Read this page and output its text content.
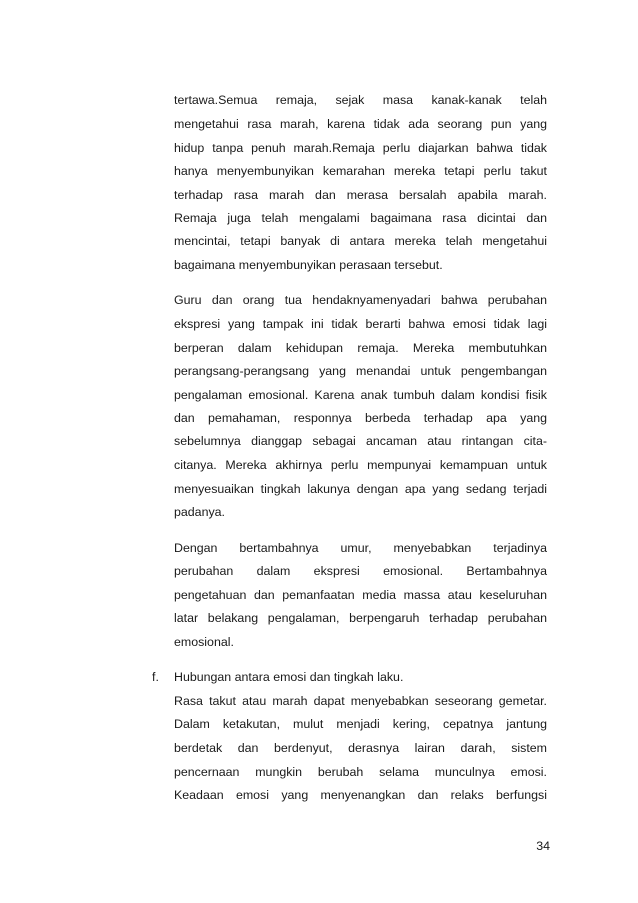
tertawa.Semua remaja, sejak masa kanak-kanak telah
mengetahui rasa marah, karena tidak ada seorang pun yang
hidup tanpa penuh marah.Remaja perlu diajarkan bahwa tidak
hanya menyembunyikan kemarahan mereka tetapi perlu takut
terhadap rasa marah dan merasa bersalah apabila marah.
Remaja juga telah mengalami bagaimana rasa dicintai dan
mencintai, tetapi banyak di antara mereka telah mengetahui
bagaimana menyembunyikan perasaan tersebut.
Guru dan orang tua hendaknyamenyadari bahwa perubahan
ekspresi yang tampak ini tidak berarti bahwa emosi tidak lagi
berperan dalam kehidupan remaja. Mereka membutuhkan
perangsang-perangsang yang menandai untuk pengembangan
pengalaman emosional. Karena anak tumbuh dalam kondisi fisik
dan pemahaman, responnya berbeda terhadap apa yang
sebelumnya dianggap sebagai ancaman atau rintangan cita-
citanya. Mereka akhirnya perlu mempunyai kemampuan untuk
menyesuaikan tingkah lakunya dengan apa yang sedang terjadi
padanya.
Dengan bertambahnya umur, menyebabkan terjadinya
perubahan dalam ekspresi emosional. Bertambahnya
pengetahuan dan pemanfaatan media massa atau keseluruhan
latar belakang pengalaman, berpengaruh terhadap perubahan
emosional.
f. Hubungan antara emosi dan tingkah laku.
Rasa takut atau marah dapat menyebabkan seseorang gemetar.
Dalam ketakutan, mulut menjadi kering, cepatnya jantung
berdetak dan berdenyut, derasnya lairan darah, sistem
pencernaan mungkin berubah selama munculnya emosi.
Keadaan emosi yang menyenangkan dan relaks berfungsi
34
